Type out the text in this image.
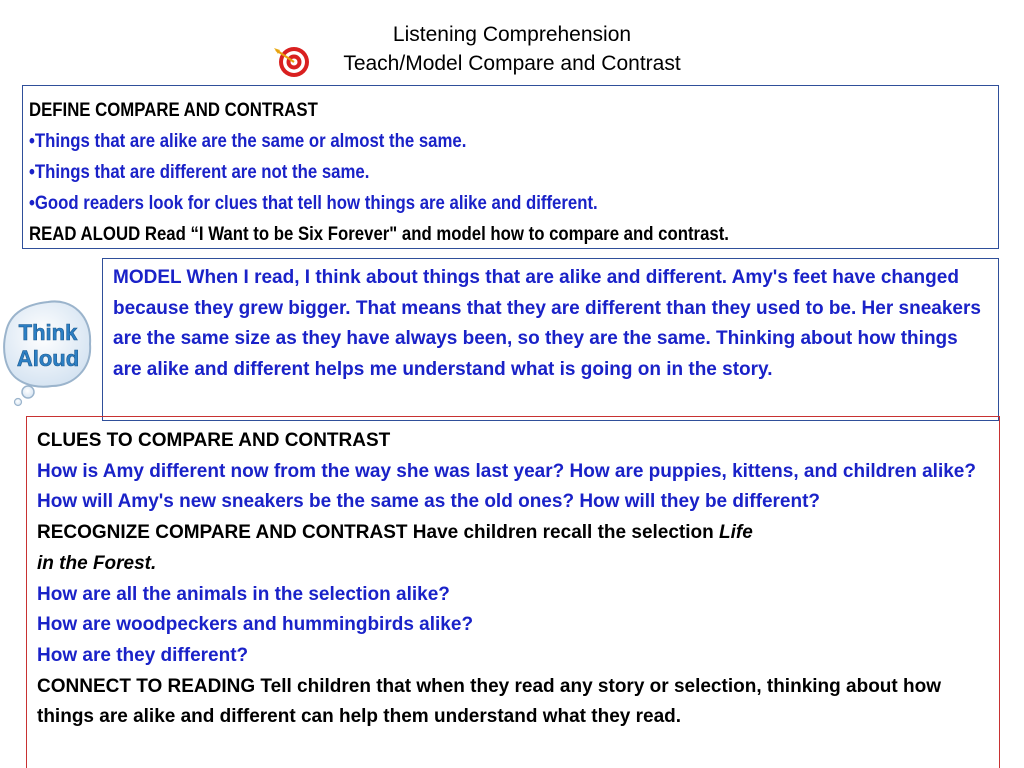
Listening Comprehension
Teach/Model Compare and Contrast
DEFINE COMPARE AND CONTRAST
•Things that are alike are the same or almost the same.
•Things that are different are not the same.
•Good readers look for clues that tell how things are alike and different.
READ ALOUD Read “I Want to be Six Forever" and model how to compare and contrast.
Think
Aloud

MODEL When I read, I think about things that are alike and different. Amy's feet have changed because they grew bigger. That means that they are different than they used to be. Her sneakers are the same size as they have always been, so they are the same. Thinking about how things are alike and different helps me understand what is going on in the story.

CLUES TO COMPARE AND CONTRAST

How is Amy different now from the way she was last year? How are puppies, kittens, and children alike? How will Amy's new sneakers be the same as the old ones? How will they be different?

RECOGNIZE COMPARE AND CONTRAST Have children recall the selection Life

in the Forest.

How are all the animals in the selection alike?

How are woodpeckers and hummingbirds alike?

How are they different?

CONNECT TO READING Tell children that when they read any story or selection, thinking about how things are alike and different can help them understand what they read.
